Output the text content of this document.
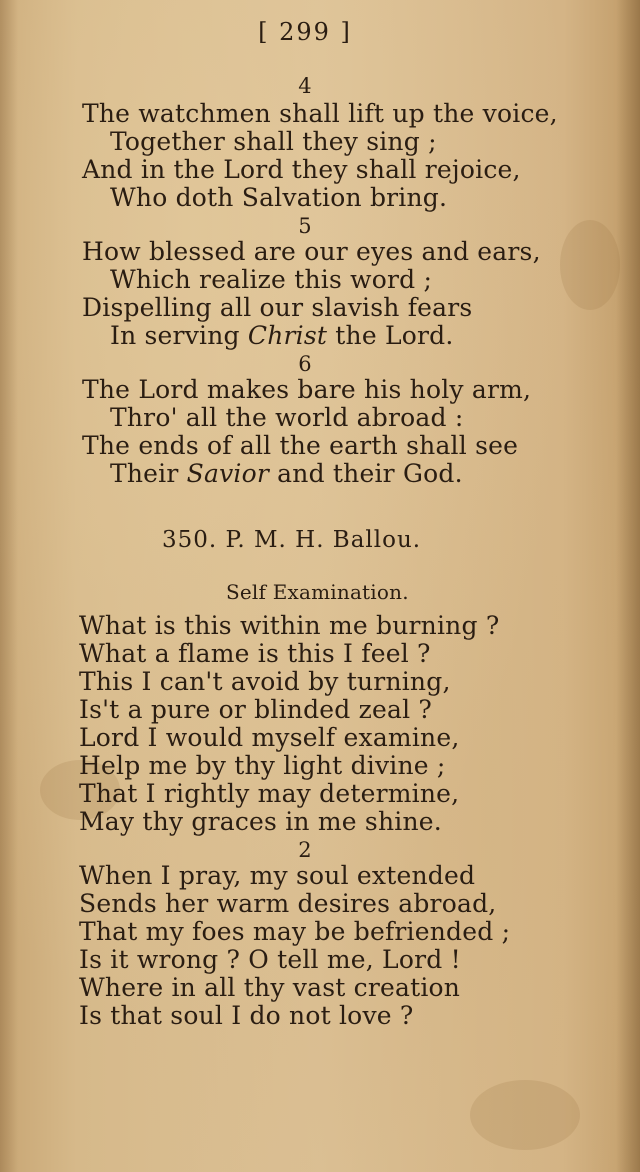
[ 299 ]
4
The watchmen shall lift up the voice,
Together shall they sing ;
And in the Lord they shall rejoice,
Who doth Salvation bring.
5
How blessed are our eyes and ears,
Which realize this word ;
Dispelling all our slavish fears
In serving Christ the Lord.
6
The Lord makes bare his holy arm,
Thro' all the world abroad :
The ends of all the earth shall see
Their Savior and their God.
350. P. M. H. Ballou.
Self Examination.
What is this within me burning ?
What a flame is this I feel ?
This I can't avoid by turning,
Is't a pure or blinded zeal ?
Lord I would myself examine,
Help me by thy light divine ;
That I rightly may determine,
May thy graces in me shine.
2
When I pray, my soul extended
Sends her warm desires abroad,
That my foes may be befriended ;
Is it wrong ? O tell me, Lord !
Where in all thy vast creation
Is that soul I do not love ?
